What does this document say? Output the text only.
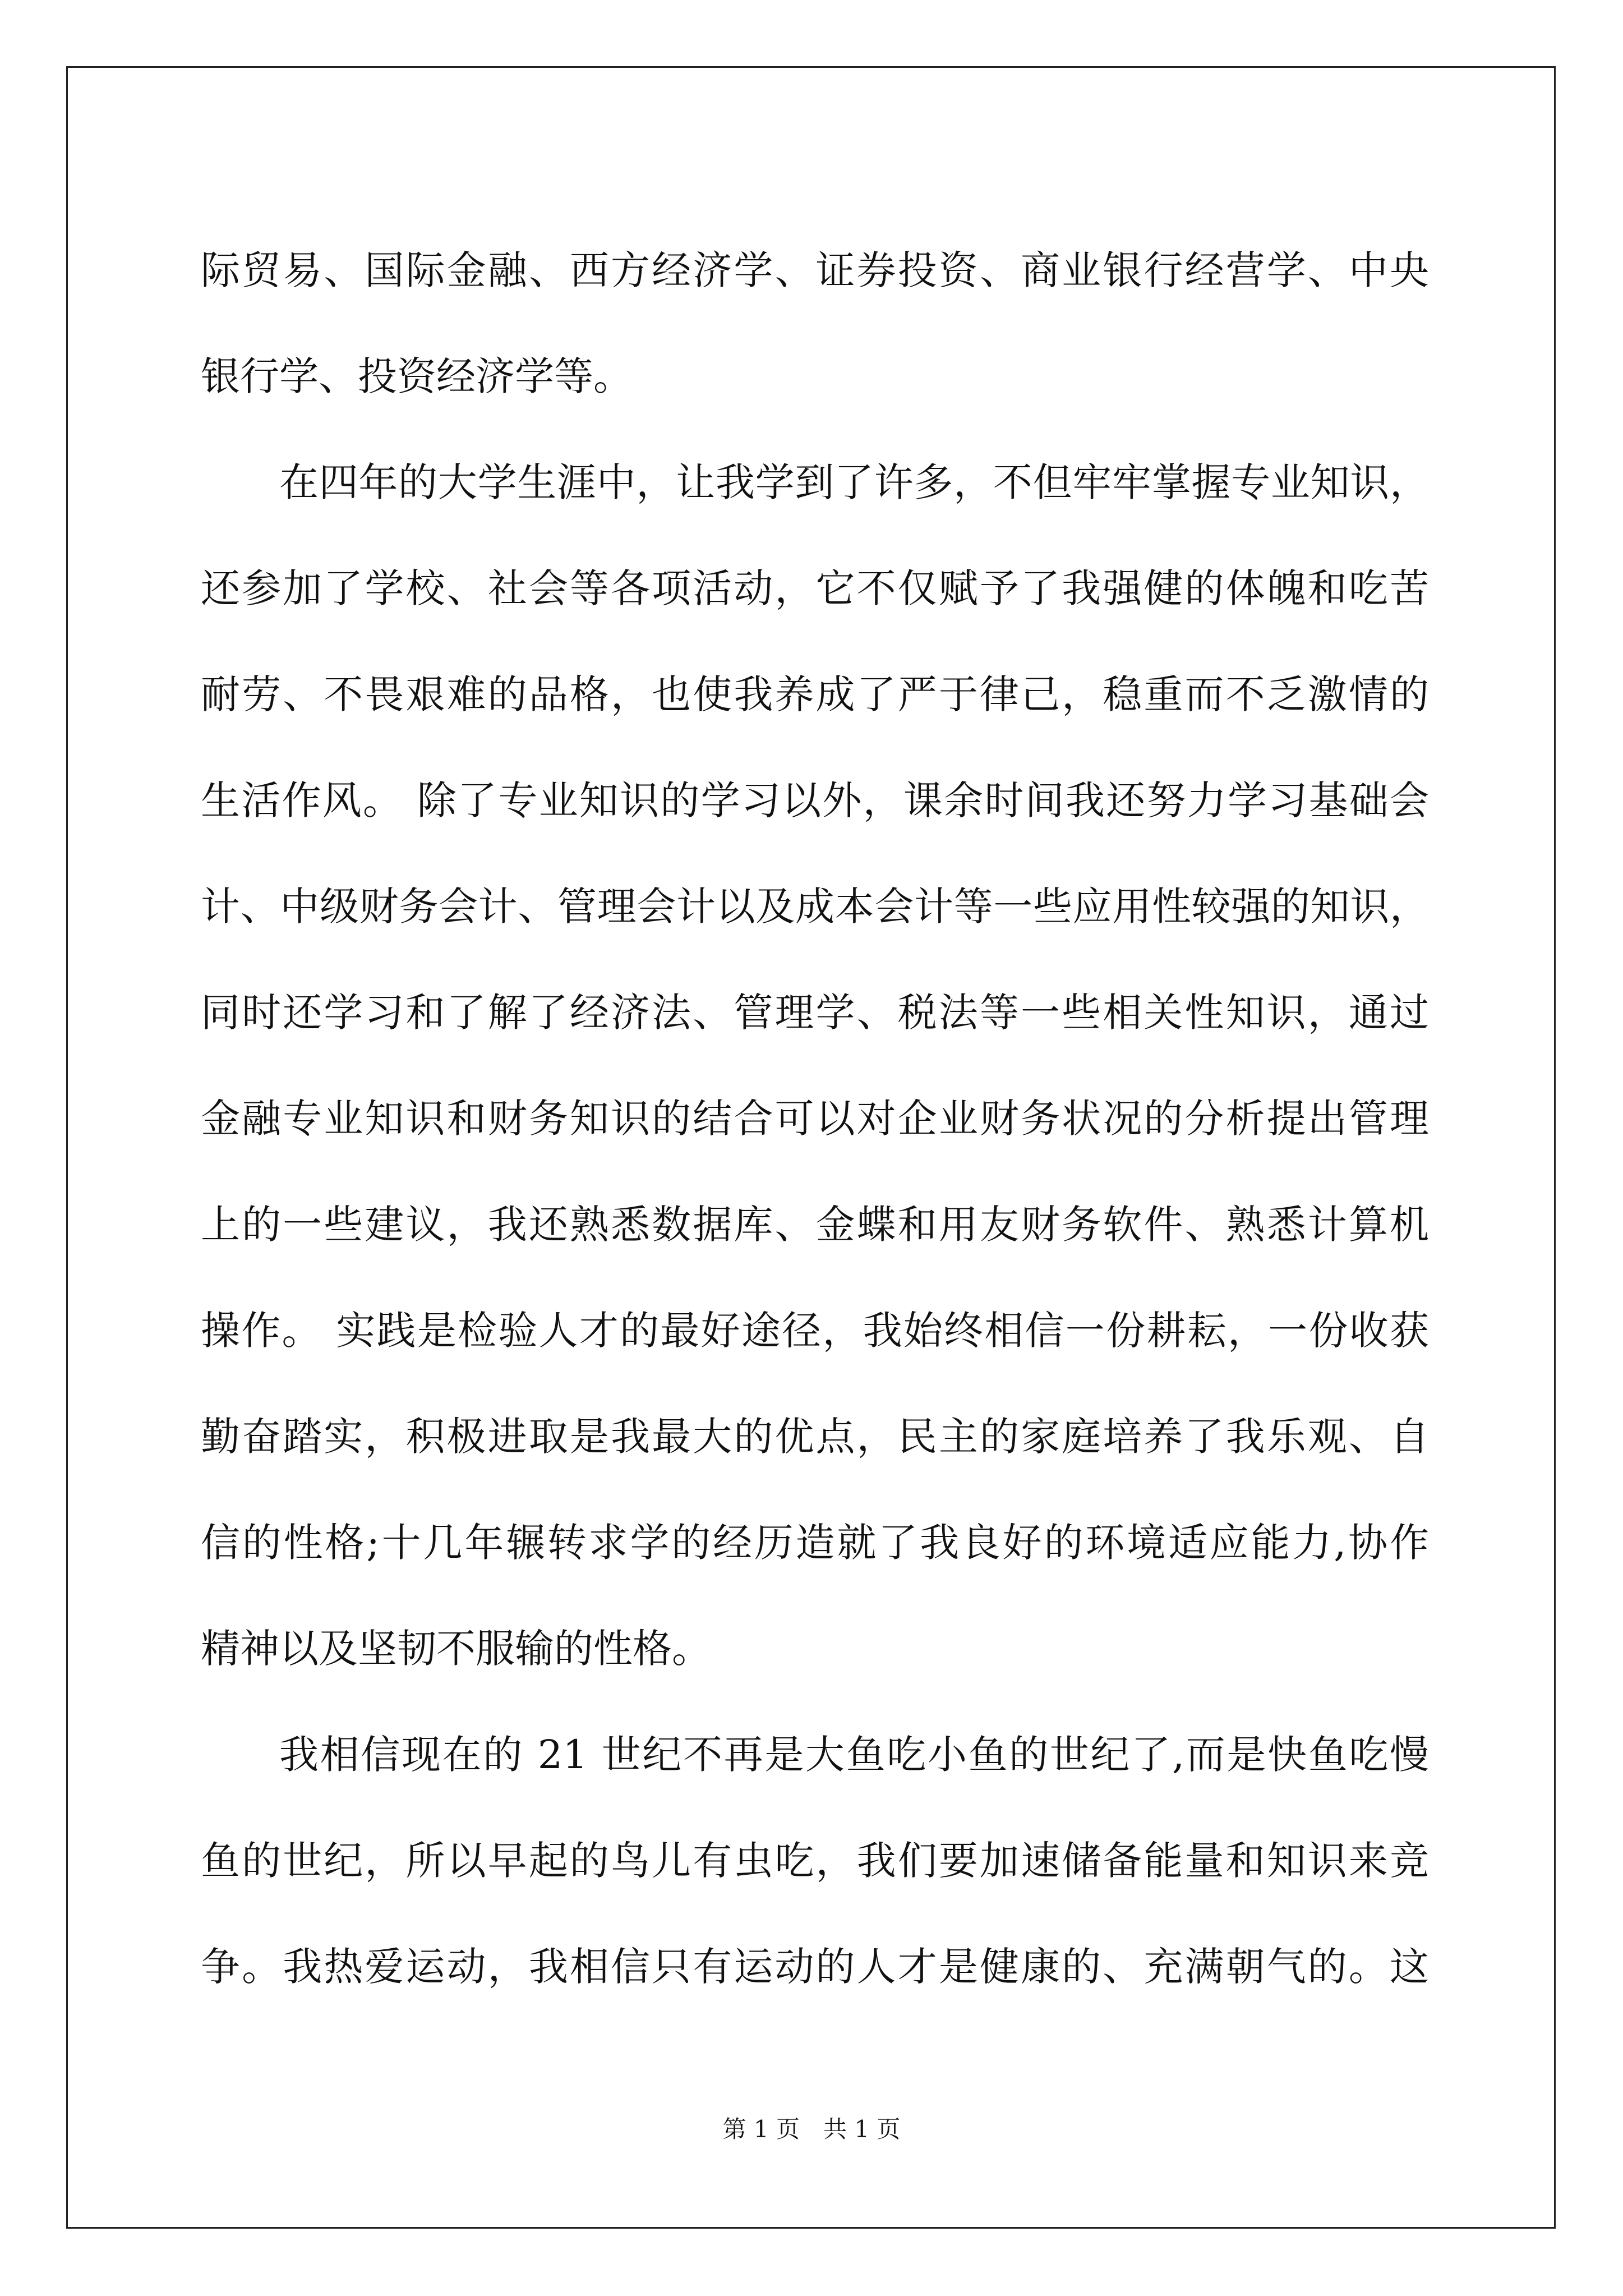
际贸易、国际金融、西方经济学、证券投资、商业银行经营学、中央
银行学、投资经济学等。
在四年的大学生涯中，让我学到了许多，不但牢牢掌握专业知识，
还参加了学校、社会等各项活动，它不仅赋予了我强健的体魄和吃苦
耐劳、不畏艰难的品格，也使我养成了严于律己，稳重而不乏激情的
生活作风。 除了专业知识的学习以外，课余时间我还努力学习基础会
计、中级财务会计、管理会计以及成本会计等一些应用性较强的知识，
同时还学习和了解了经济法、管理学、税法等一些相关性知识，通过
金融专业知识和财务知识的结合可以对企业财务状况的分析提出管理
上的一些建议，我还熟悉数据库、金蝶和用友财务软件、熟悉计算机
操作。 实践是检验人才的最好途径，我始终相信一份耕耘，一份收获
勤奋踏实，积极进取是我最大的优点，民主的家庭培养了我乐观、自
信的性格;十几年辗转求学的经历造就了我良好的环境适应能力,协作
精神以及坚韧不服输的性格。
我相信现在的 21 世纪不再是大鱼吃小鱼的世纪了,而是快鱼吃慢
鱼的世纪，所以早起的鸟儿有虫吃，我们要加速储备能量和知识来竞
争。我热爱运动，我相信只有运动的人才是健康的、充满朝气的。这
第 1 页　共 1 页
